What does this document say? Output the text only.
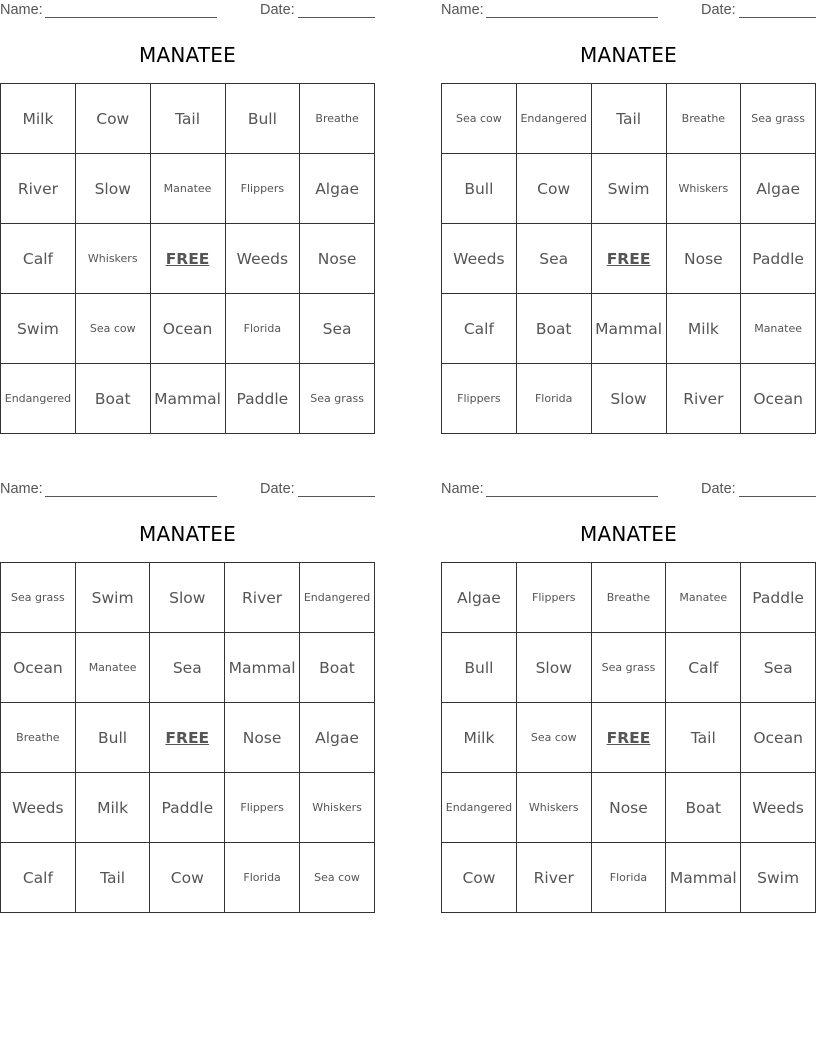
Name:	Date:
MANATEE
Milk	Cow	Tail	Bull	Breathe
River	Slow	Manatee	Flippers	Algae
Calf	Whiskers	FREE	Weeds	Nose
Swim	Sea cow	Ocean	Florida	Sea
Endangered	Boat	Mammal	Paddle	Sea grass
Name:	Date:
MANATEE
Sea cow	Endangered	Tail	Breathe	Sea grass
Bull	Cow	Swim	Whiskers	Algae
Weeds	Sea	FREE	Nose	Paddle
Calf	Boat	Mammal	Milk	Manatee
Flippers	Florida	Slow	River	Ocean
Name:	Date:
MANATEE
Sea grass	Swim	Slow	River	Endangered
Ocean	Manatee	Sea	Mammal	Boat
Breathe	Bull	FREE	Nose	Algae
Weeds	Milk	Paddle	Flippers	Whiskers
Calf	Tail	Cow	Florida	Sea cow
Name:	Date:
MANATEE
Algae	Flippers	Breathe	Manatee	Paddle
Bull	Slow	Sea grass	Calf	Sea
Milk	Sea cow	FREE	Tail	Ocean
Endangered	Whiskers	Nose	Boat	Weeds
Cow	River	Florida	Mammal	Swim
